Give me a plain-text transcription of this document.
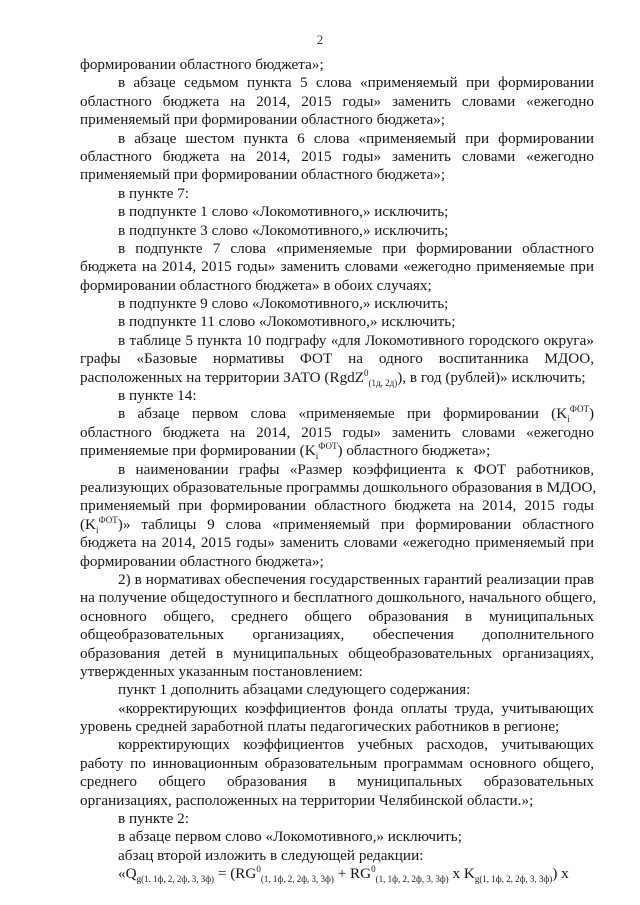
2
формировании областного бюджета»;
в абзаце седьмом пункта 5 слова «применяемый при формировании
областного бюджета на 2014, 2015 годы» заменить словами «ежегодно
применяемый при формировании областного бюджета»;
в абзаце шестом пункта 6 слова «применяемый при формировании
областного бюджета на 2014, 2015 годы» заменить словами «ежегодно
применяемый при формировании областного бюджета»;
в пункте 7:
в подпункте 1 слово «Локомотивного,» исключить;
в подпункте 3 слово «Локомотивного,» исключить;
в подпункте 7 слова «применяемые при формировании областного
бюджета на 2014, 2015 годы» заменить словами «ежегодно применяемые при
формировании областного бюджета» в обоих случаях;
в подпункте 9 слово «Локомотивного,» исключить;
в подпункте 11 слово «Локомотивного,» исключить;
в таблице 5 пункта 10 подграфу «для Локомотивного городского округа»
графы «Базовые нормативы ФОТ на одного воспитанника МДОО,
расположенных на территории ЗАТО (RgdZ$^0_{(1д, 2д)}$), в год (рублей)» исключить;
в пункте 14:
в абзаце первом слова «применяемые при формировании $(K_i^{ФОТ})$
областного бюджета на 2014, 2015 годы» заменить словами «ежегодно
применяемые при формировании $(K_i^{ФОТ})$ областного бюджета»;
в наименовании графы «Размер коэффициента к ФОТ работников,
реализующих образовательные программы дошкольного образования в МДОО,
применяемый при формировании областного бюджета на 2014, 2015 годы
$(K_i^{ФОТ})$» таблицы 9 слова «применяемый при формировании областного
бюджета на 2014, 2015 годы» заменить словами «ежегодно применяемый при
формировании областного бюджета»;
2) в нормативах обеспечения государственных гарантий реализации прав
на получение общедоступного и бесплатного дошкольного, начального общего,
основного общего, среднего общего образования в муниципальных
общеобразовательных организациях, обеспечения дополнительного
образования детей в муниципальных общеобразовательных организациях,
утвержденных указанным постановлением:
пункт 1 дополнить абзацами следующего содержания:
«корректирующих коэффициентов фонда оплаты труда, учитывающих
уровень средней заработной платы педагогических работников в регионе;
корректирующих коэффициентов учебных расходов, учитывающих
работу по инновационным образовательным программам основного общего,
среднего общего образования в муниципальных образовательных
организациях, расположенных на территории Челябинской области.»;
в пункте 2:
в абзаце первом слово «Локомотивного,» исключить;
абзац второй изложить в следующей редакции:
«$Q_{g(1. 1ф, 2, 2ф, 3, 3ф)} = (RG^0_{(1, 1ф, 2, 2ф, 3, 3ф)} + RG^0_{(1, 1ф, 2, 2ф, 3, 3ф)}$ x $K_{g(1, 1ф, 2, 2ф, 3, 3ф)}$) x
·: ·· ·:
